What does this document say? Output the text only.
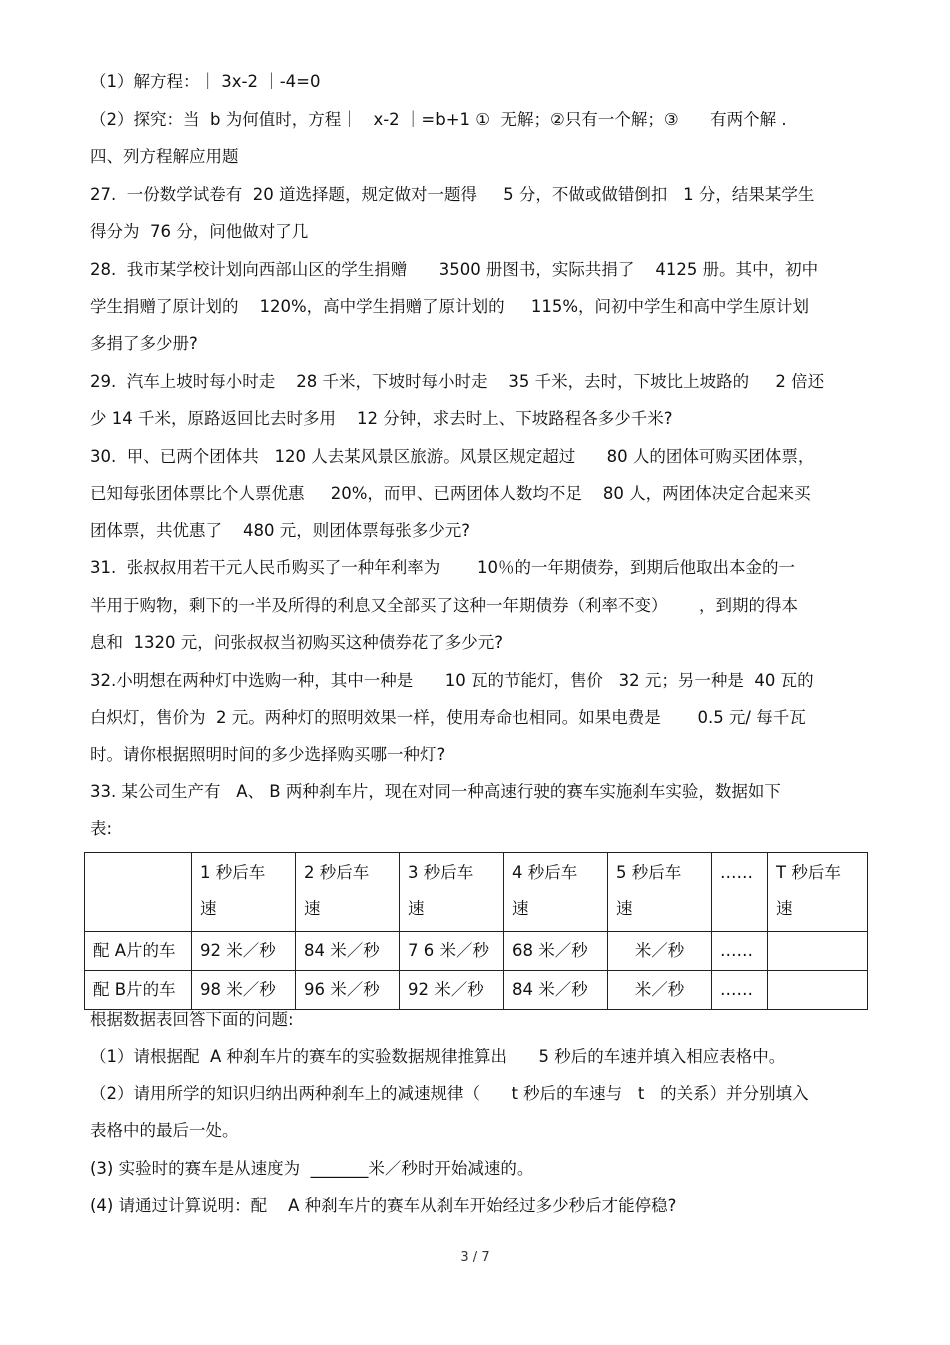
（1）解方程：｜ 3x-2 ｜-4=0
（2）探究：当  b 为何值时，方程｜   x-2 ｜=b+1 ①  无解；②只有一个解；③      有两个解 .
四、列方程解应用题
27.  一份数学试卷有  20 道选择题，规定做对一题得     5 分，不做或做错倒扣   1 分，结果某学生
得分为  76 分，问他做对了几
28.  我市某学校计划向西部山区的学生捐赠      3500 册图书，实际共捐了    4125 册。其中，初中
学生捐赠了原计划的    120%，高中学生捐赠了原计划的     115%，问初中学生和高中学生原计划
多捐了多少册?
29.  汽车上坡时每小时走    28 千米，下坡时每小时走    35 千米，去时，下坡比上坡路的     2 倍还
少 14 千米，原路返回比去时多用    12 分钟，求去时上、下坡路程各多少千米?
30.  甲、已两个团体共   120 人去某风景区旅游。风景区规定超过      80 人的团体可购买团体票，
已知每张团体票比个人票优惠     20%，而甲、已两团体人数均不足    80 人，两团体决定合起来买
团体票，共优惠了    480 元，则团体票每张多少元?
31.  张叔叔用若干元人民币购买了一种年利率为       10％的一年期债券，到期后他取出本金的一
半用于购物，剩下的一半及所得的利息又全部买了这种一年期债券（利率不变）      ，到期的得本
息和  1320 元，问张叔叔当初购买这种债券花了多少元?
32.小明想在两种灯中选购一种，其中一种是      10 瓦的节能灯，售价   32 元；另一种是  40 瓦的
白炽灯，售价为  2 元。两种灯的照明效果一样，使用寿命也相同。如果电费是       0.5 元/ 每千瓦
时。请你根据照明时间的多少选择购买哪一种灯?
33. 某公司生产有   A、 B 两种刹车片，现在对同一种高速行驶的赛车实施刹车实验，数据如下
表:

	1 秒后车
速	2 秒后车
速	3 秒后车
速	4 秒后车
速	5 秒后车
速	……	T 秒后车
速

配 A片的车	92 米／秒	84 米／秒	7 6 米／秒	68 米／秒	米／秒	……	
配 B片的车	98 米／秒	96 米／秒	92 米／秒	84 米／秒	米／秒	……	
根据数据表回答下面的问题:
（1）请根据配  A 种刹车片的赛车的实验数据规律推算出      5 秒后的车速并填入相应表格中。
（2）请用所学的知识归纳出两种刹车上的减速规律（      t 秒后的车速与   t   的关系）并分别填入
表格中的最后一处。
(3) 实验时的赛车是从速度为  _______米／秒时开始减速的。
(4) 请通过计算说明：配    A 种刹车片的赛车从刹车开始经过多少秒后才能停稳?
3 / 7
